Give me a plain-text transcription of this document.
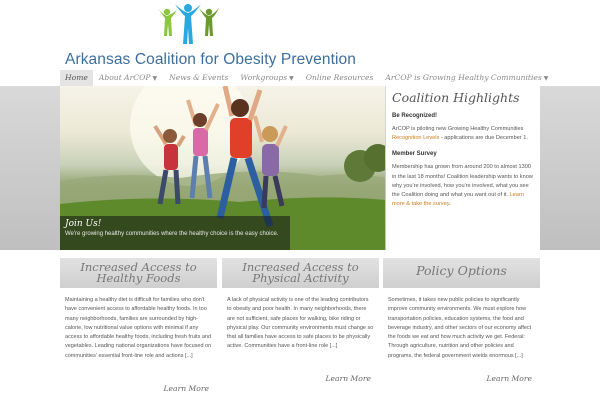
Arkansas Coalition for Obesity Prevention
Home	About ArCOP ▼	News & Events	Workgroups ▼	Online Resources	ArCOP is Growing Healthy Communities ▼
Join Us!
We're growing healthy communities where the healthy choice is the easy choice.
Coalition Highlights
Be Recognized!
ArCOP is piloting new Growing Healthy Communities Recognition Levels - applications are due December 1.
Member Survey
Membership has grown from around 200 to almost 1300 in the last 18 months! Coalition leadership wants to know why you're involved, how you're involved, what you see the Coalition doing and what you want out of it. Learn more & take the survey.
Increased Access to Healthy Foods
Maintaining a healthy diet is difficult for families who don't have convenient access to affordable healthy foods. In too many neighborhoods, families are surrounded by high-calorie, low nutritional value options with minimal if any access to affordable healthy foods, including fresh fruits and vegetables. Leading national organizations have focused on communities' essential front-line role and actions [...]
Learn More
Increased Access to Physical Activity
A lack of physical activity is one of the leading contributors to obesity and poor health. In many neighborhoods, there are not sufficient, safe places for walking, bike riding or physical play. Our community environments must change so that all families have access to safe places to be physically active. Communities have a front-line role [...]
Learn More
Policy Options
Sometimes, it takes new public policies to significantly improve community environments. We must explore how transportation policies, education systems, the food and beverage industry, and other sectors of our economy affect the foods we eat and how much activity we get. Federal: Through agriculture, nutrition and other policies and programs, the federal government wields enormous [...]
Learn More
